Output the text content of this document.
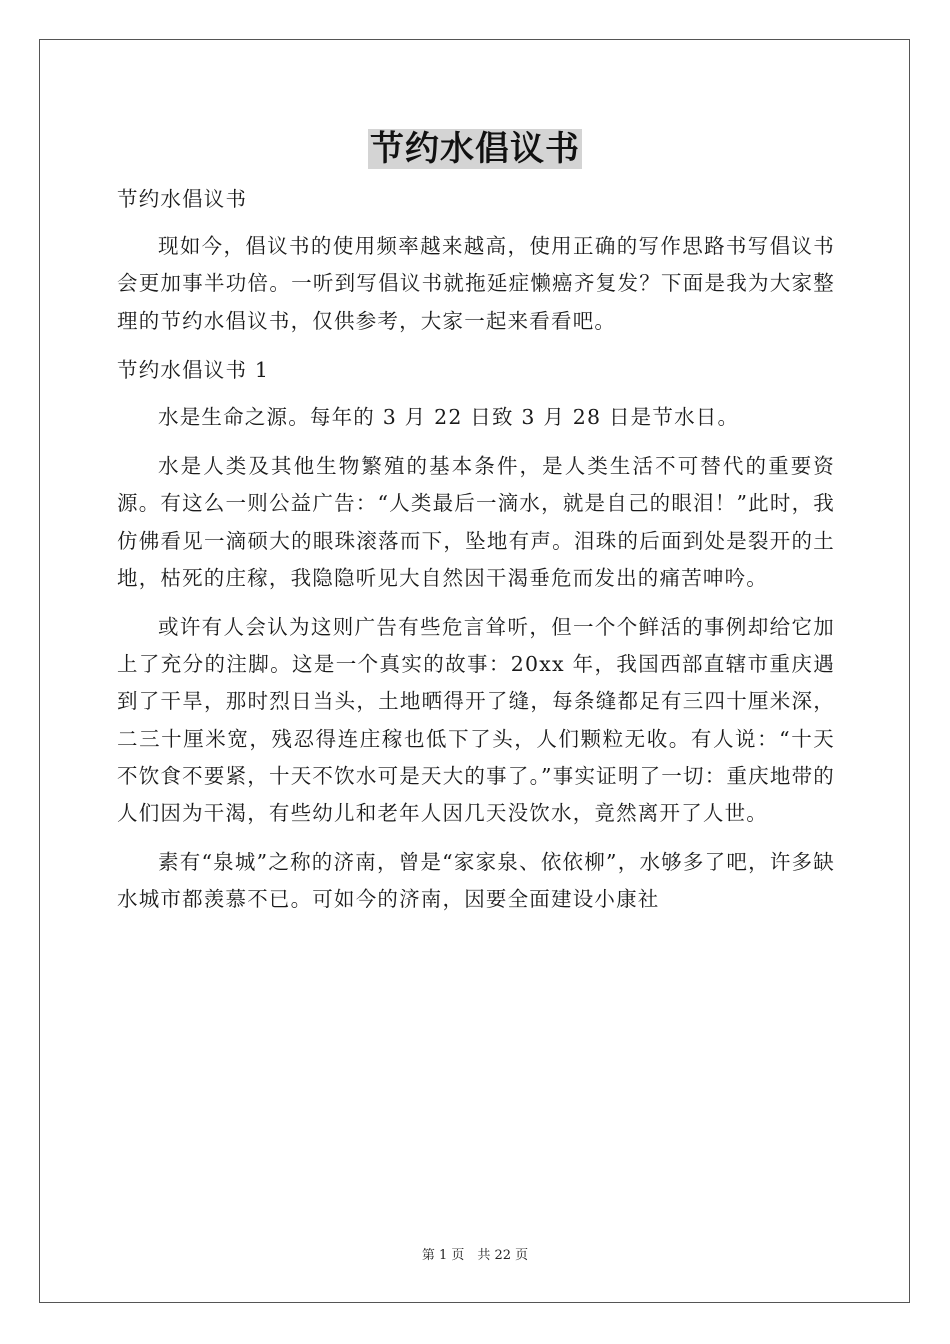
节约水倡议书

节约水倡议书

现如今，倡议书的使用频率越来越高，使用正确的写作思路书写倡议书会更加事半功倍。一听到写倡议书就拖延症懒癌齐复发？下面是我为大家整理的节约水倡议书，仅供参考，大家一起来看看吧。

节约水倡议书 1

水是生命之源。每年的 3 月 22 日致 3 月 28 日是节水日。

水是人类及其他生物繁殖的基本条件，是人类生活不可替代的重要资源。有这么一则公益广告：“人类最后一滴水，就是自己的眼泪！”此时，我仿佛看见一滴硕大的眼珠滚落而下，坠地有声。泪珠的后面到处是裂开的土地，枯死的庄稼，我隐隐听见大自然因干渴垂危而发出的痛苦呻吟。

或许有人会认为这则广告有些危言耸听，但一个个鲜活的事例却给它加上了充分的注脚。这是一个真实的故事：20xx 年，我国西部直辖市重庆遇到了干旱，那时烈日当头，土地晒得开了缝，每条缝都足有三四十厘米深，二三十厘米宽，残忍得连庄稼也低下了头，人们颗粒无收。有人说：“十天不饮食不要紧，十天不饮水可是天大的事了。”事实证明了一切：重庆地带的人们因为干渴，有些幼儿和老年人因几天没饮水，竟然离开了人世。

素有“泉城”之称的济南，曾是“家家泉、依依柳”，水够多了吧，许多缺水城市都羡慕不已。可如今的济南，因要全面建设小康社

第 1 页　共 22 页
